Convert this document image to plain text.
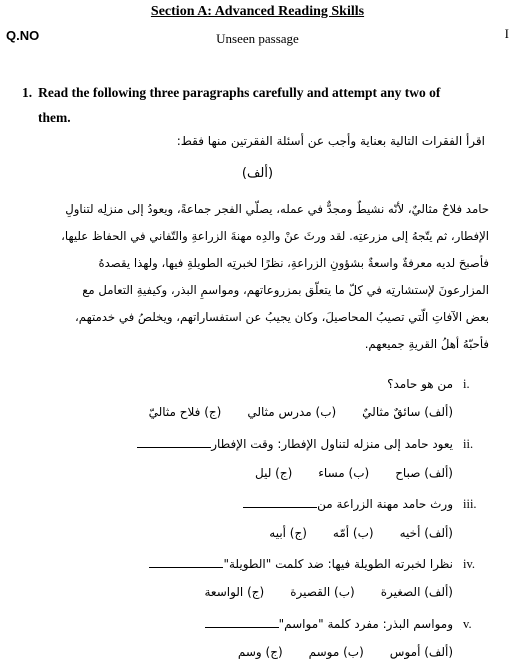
Section A: Advanced Reading Skills
Q.NO	Unseen passage	I
1. Read the following three paragraphs carefully and attempt any two of
them.
اقرأ الفقرات التالية بعناية وأجب عن أسئلة الفقرتين منها فقط:
(ألف)
حامد فلاحٌ مثاليٌ، لأنّه نشيطٌ ومجدٌّ في عمله، يصلّي الفجر جماعةً، ويعودُ إلى منزلِه لتناولِ
الإفطار، ثم يتّجهُ إلى مزرعتِه. لقد ورثَ عنْ والدِه مهنةَ الزراعةِ والتّفاني في الحفاظ عليها،
فأصبحَ لديه معرفةٌ واسعةٌ بشؤونِ الزراعةِ، نظرًا لخبرتِه الطويلةِ فيها، ولهذا يقصدهُ
المزارعونَ لإستشارتِه في كلّ ما يتعلّق بمزروعاتهم، ومواسمِ البذر، وكيفيةِ التعامل مع
بعض الآفاتِ الّتي تصيبُ المحاصيلَ، وكان يجيبُ عن استفساراتهم، ويخلصُ في خدمتهم،
فأحبّهُ أهلُ القريةِ جميعهم.
i.
من هو حامد؟
(ألف) سائقٌ مثاليٌ
(ب) مدرس مثالي
(ج) فلاح مثاليّ
ii.
يعود حامد إلى منزله لتناول الإفطار: وقت الإفطار
(ألف) صباح
(ب) مساء
(ج) ليل
iii.
ورث حامد مهنة الزراعة من
(ألف) أخيه
(ب) أمّه
(ج) أبيه
iv.
نظرا لخبرته الطويلة فيها: ضد كلمت "الطويلة"
(ألف) الصغيرة
(ب) القصيرة
(ج) الواسعة
v.
ومواسم البذر: مفرد كلمة "مواسم"
(ألف) أموس
(ب) موسم
(ج) وسم
